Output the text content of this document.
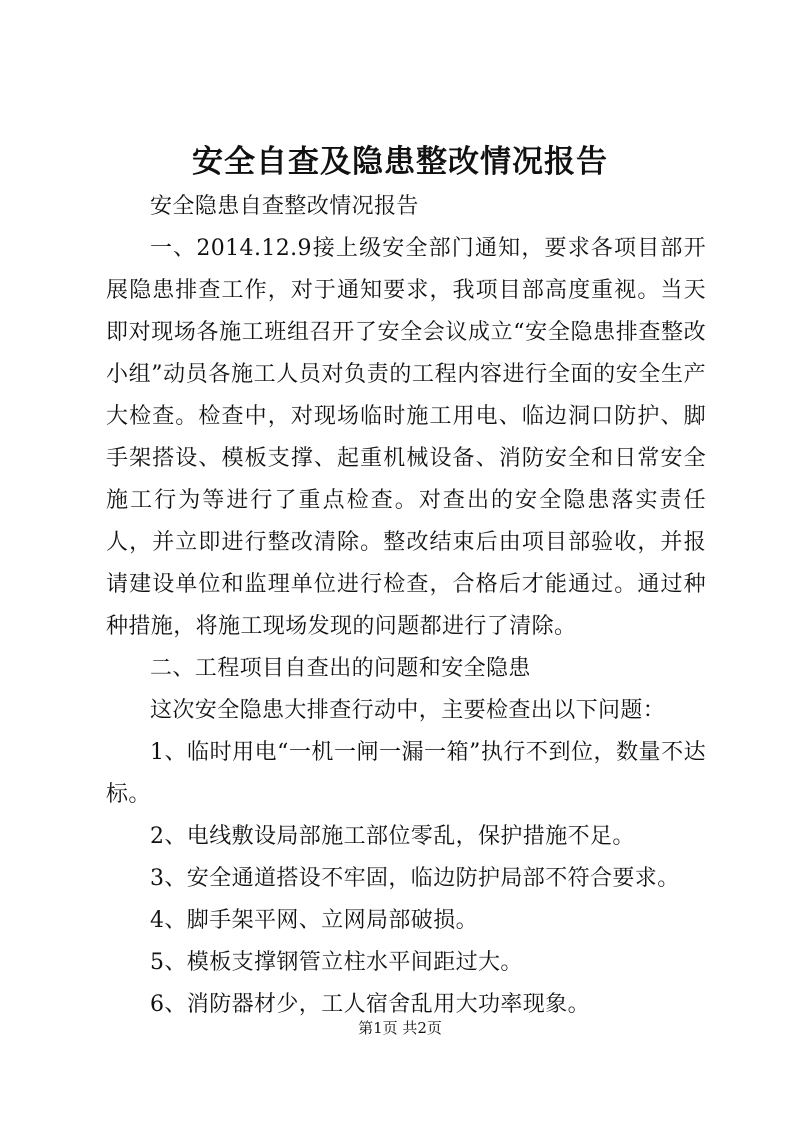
安全自查及隐患整改情况报告

安全隐患自查整改情况报告

一、2014.12.9接上级安全部门通知，要求各项目部开展隐患排查工作，对于通知要求，我项目部高度重视。当天即对现场各施工班组召开了安全会议成立“安全隐患排查整改小组”动员各施工人员对负责的工程内容进行全面的安全生产大检查。检查中，对现场临时施工用电、临边洞口防护、脚手架搭设、模板支撑、起重机械设备、消防安全和日常安全施工行为等进行了重点检查。对查出的安全隐患落实责任人，并立即进行整改清除。整改结束后由项目部验收，并报请建设单位和监理单位进行检查，合格后才能通过。通过种种措施，将施工现场发现的问题都进行了清除。

二、工程项目自查出的问题和安全隐患

这次安全隐患大排查行动中，主要检查出以下问题：

1、临时用电“一机一闸一漏一箱”执行不到位，数量不达标。

2、电线敷设局部施工部位零乱，保护措施不足。

3、安全通道搭设不牢固，临边防护局部不符合要求。

4、脚手架平网、立网局部破损。

5、模板支撑钢管立柱水平间距过大。

6、消防器材少，工人宿舍乱用大功率现象。

第1页 共2页
